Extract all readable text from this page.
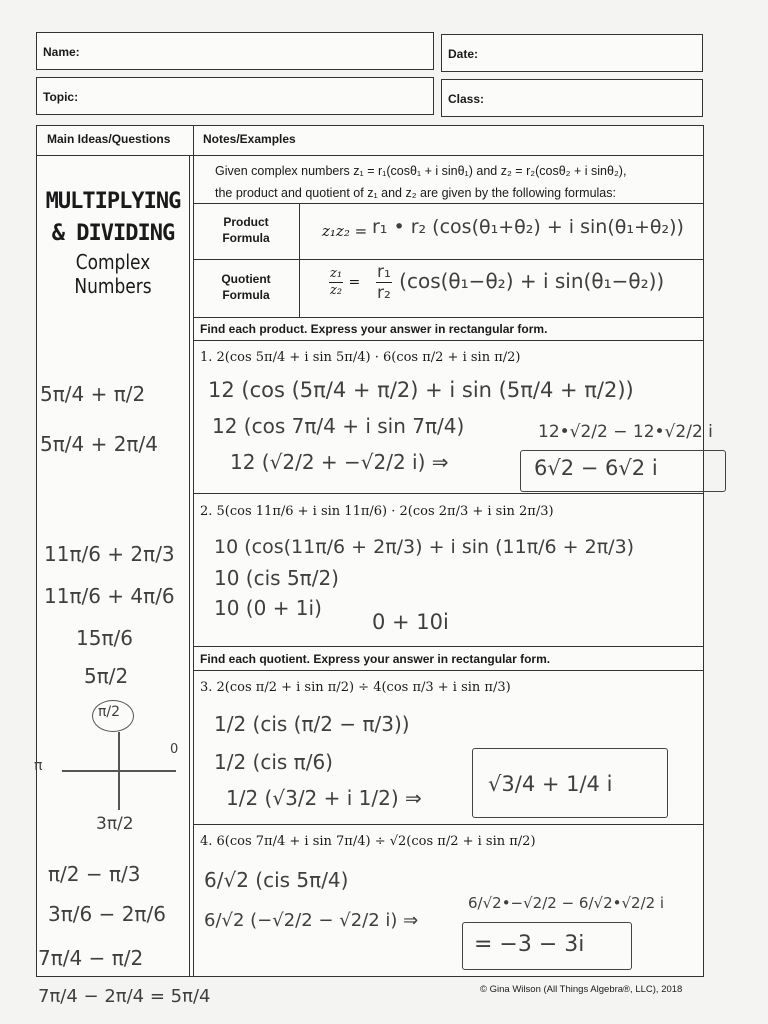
Name:	Date:
Topic:	Class:
Main Ideas/Questions	Notes/Examples
MULTIPLYING
& DIVIDING
Complex Numbers
Given complex numbers z₁ = r₁(cosθ₁ + i sinθ₁) and z₂ = r₂(cosθ₂ + i sinθ₂),
the product and quotient of z₁ and z₂ are given by the following formulas:
Product
Formula	z₁z₂ = r₁ • r₂ (cos(θ₁+θ₂) + i sin(θ₁+θ₂))
Quotient
Formula	$\frac{\text{z₁}}{\text{z₂}} = \frac{\text{r₁}}{\text{r₂}} (\cos(\theta_1-\theta_2) + i$ sin(θ₁−θ₂))
Find each product. Express your answer in rectangular form.
1. 2(cos 5π/4 + i sin 5π/4) · 6(cos π/2 + i sin π/2)
12 (cos (5π/4 + π/2) + i sin (5π/4 + π/2))
12 (cos 7π/4 + i sin 7π/4)	12•√2/2 − 12•√2/2 i
12 (√2/2 + −√2/2 i) ⇒	6√2 − 6√2 i
2. 5(cos 11π/6 + i sin 11π/6) · 2(cos 2π/3 + i sin 2π/3)
10 (cos(11π/6 + 2π/3) + i sin (11π/6 + 2π/3)
10 (cis 5π/2)
10 (0 + 1i)
0 + 10i
Find each quotient. Express your answer in rectangular form.
3. 2(cos π/2 + i sin π/2) ÷ 4(cos π/3 + i sin π/3)
1/2 (cis (π/2 − π/3))
1/2 (cis π/6)
1/2 (√3/2 + i 1/2) ⇒
√3/4 + 1/4 i
4. 6(cos 7π/4 + i sin 7π/4) ÷ √2(cos π/2 + i sin π/2)
6/√2 (cis 5π/4)
6/√2 (−√2/2 − √2/2 i) ⇒
6/√2•−√2/2 − 6/√2•√2/2 i
= −3 − 3i
5π/4 + π/2
5π/4 + 2π/4
11π/6 + 2π/3
11π/6 + 4π/6
15π/6
5π/2
π/2
0
π
3π/2
π/2 − π/3
3π/6 − 2π/6
7π/4 − π/2
7π/4 − 2π/4 = 5π/4	© Gina Wilson (All Things Algebra®, LLC), 2018
